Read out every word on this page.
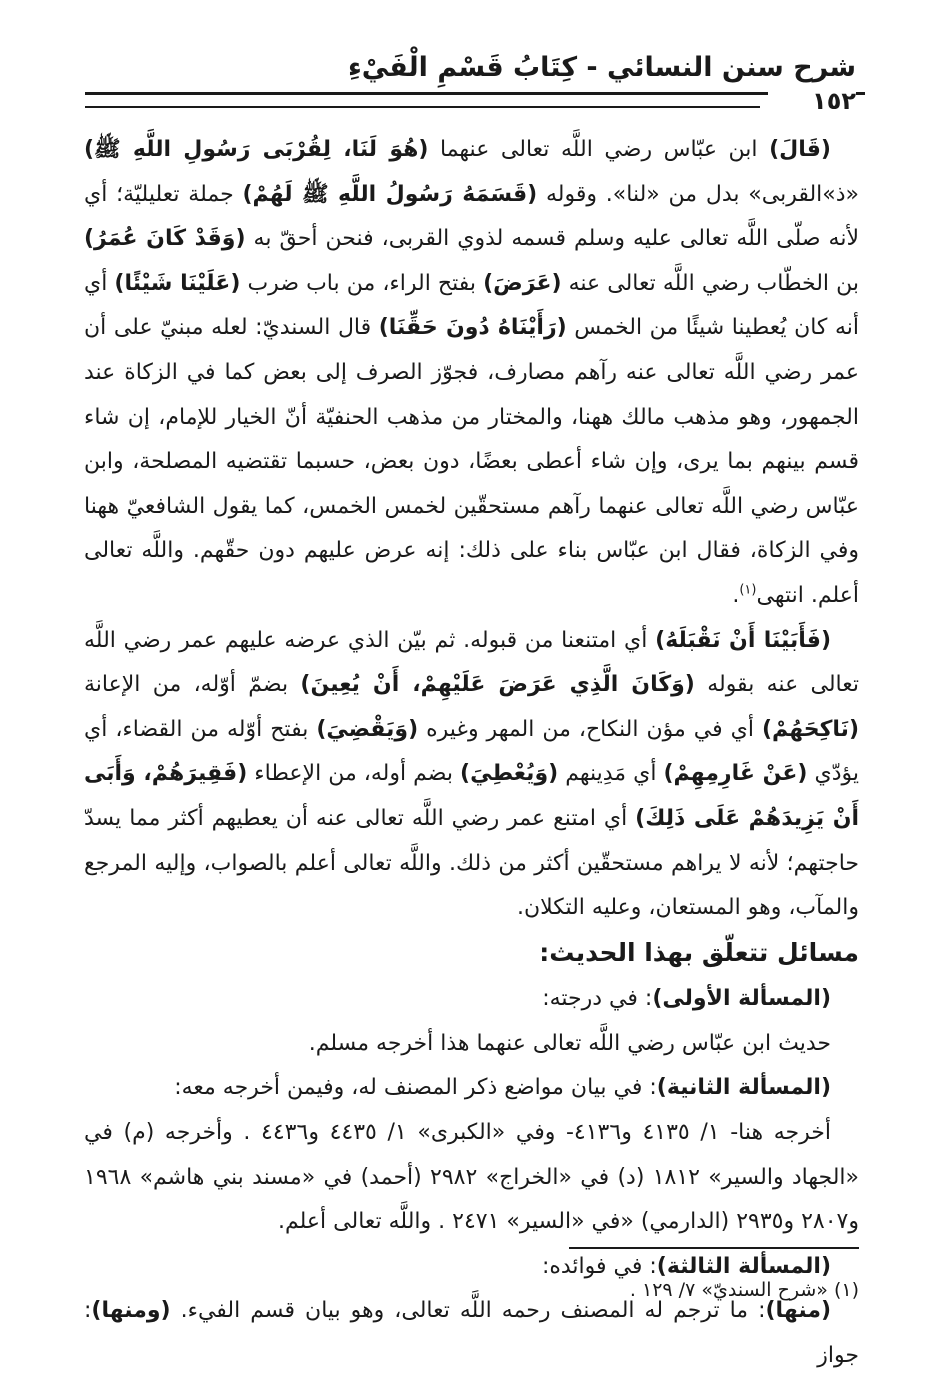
شرح سنن النسائي - كِتَابُ قَسْمِ الْفَيْءِ
١٥٢

(قَالَ) ابن عبّاس رضي اللَّه تعالى عنهما (هُوَ لَنَا، لِقُرْبَى رَسُولِ اللَّهِ ﷺ) «ذ»القربى» بدل من «لنا». وقوله (قَسَمَهُ رَسُولُ اللَّهِ ﷺ لَهُمْ) جملة تعليليّة؛ أي لأنه صلّى اللَّه تعالى عليه وسلم قسمه لذوي القربى، فنحن أحقّ به (وَقَدْ كَانَ عُمَرُ) بن الخطّاب رضي اللَّه تعالى عنه (عَرَضَ) بفتح الراء، من باب ضرب (عَلَيْنَا شَيْئًا) أي أنه كان يُعطينا شيئًا من الخمس (رَأَيْنَاهُ دُونَ حَقِّنَا) قال السنديّ: لعله مبنيّ على أن عمر رضي اللَّه تعالى عنه رآهم مصارف، فجوّز الصرف إلى بعض كما في الزكاة عند الجمهور، وهو مذهب مالك ههنا، والمختار من مذهب الحنفيّة أنّ الخيار للإمام، إن شاء قسم بينهم بما يرى، وإن شاء أعطى بعضًا، دون بعض، حسبما تقتضيه المصلحة، وابن عبّاس رضي اللَّه تعالى عنهما رآهم مستحقّين لخمس الخمس، كما يقول الشافعيّ ههنا وفي الزكاة، فقال ابن عبّاس بناء على ذلك: إنه عرض عليهم دون حقّهم. واللَّه تعالى أعلم. انتهى$^{(١)}$.

(فَأَبَيْنَا أَنْ نَقْبَلَهُ) أي امتنعنا من قبوله. ثم بيّن الذي عرضه عليهم عمر رضي اللَّه تعالى عنه بقوله (وَكَانَ الَّذِي عَرَضَ عَلَيْهِمْ، أَنْ يُعِينَ) بضمّ أوّله، من الإعانة (نَاكِحَهُمْ) أي في مؤن النكاح، من المهر وغيره (وَيَقْضِيَ) بفتح أوّله من القضاء، أي يؤدّي (عَنْ غَارِمِهِمْ) أي مَدِينهم (وَيُعْطِيَ) بضم أوله، من الإعطاء (فَقِيرَهُمْ، وَأَبَى أَنْ يَزِيدَهُمْ عَلَى ذَلِكَ) أي امتنع عمر رضي اللَّه تعالى عنه أن يعطيهم أكثر مما يسدّ حاجتهم؛ لأنه لا يراهم مستحقّين أكثر من ذلك. واللَّه تعالى أعلم بالصواب، وإليه المرجع والمآب، وهو المستعان، وعليه التكلان.

مسائل تتعلّق بهذا الحديث:

(المسألة الأولى): في درجته:

حديث ابن عبّاس رضي اللَّه تعالى عنهما هذا أخرجه مسلم.

(المسألة الثانية): في بيان مواضع ذكر المصنف له، وفيمن أخرجه معه:

أخرجه هنا- ١/ ٤١٣٥ و٤١٣٦- وفي «الكبرى» ١/ ٤٤٣٥ و٤٤٣٦ . وأخرجه (م) في «الجهاد والسير» ١٨١٢ (د) في «الخراج» ٢٩٨٢ (أحمد) في «مسند بني هاشم» ١٩٦٨ و٢٨٠٧ و٢٩٣٥ (الدارمي) «في «السير» ٢٤٧١ . واللَّه تعالى أعلم.

(المسألة الثالثة): في فوائده:

(منها): ما ترجم له المصنف رحمه اللَّه تعالى، وهو بيان قسم الفيء. (ومنها): جواز

(١) «شرح السنديّ» ٧/ ١٢٩ .
